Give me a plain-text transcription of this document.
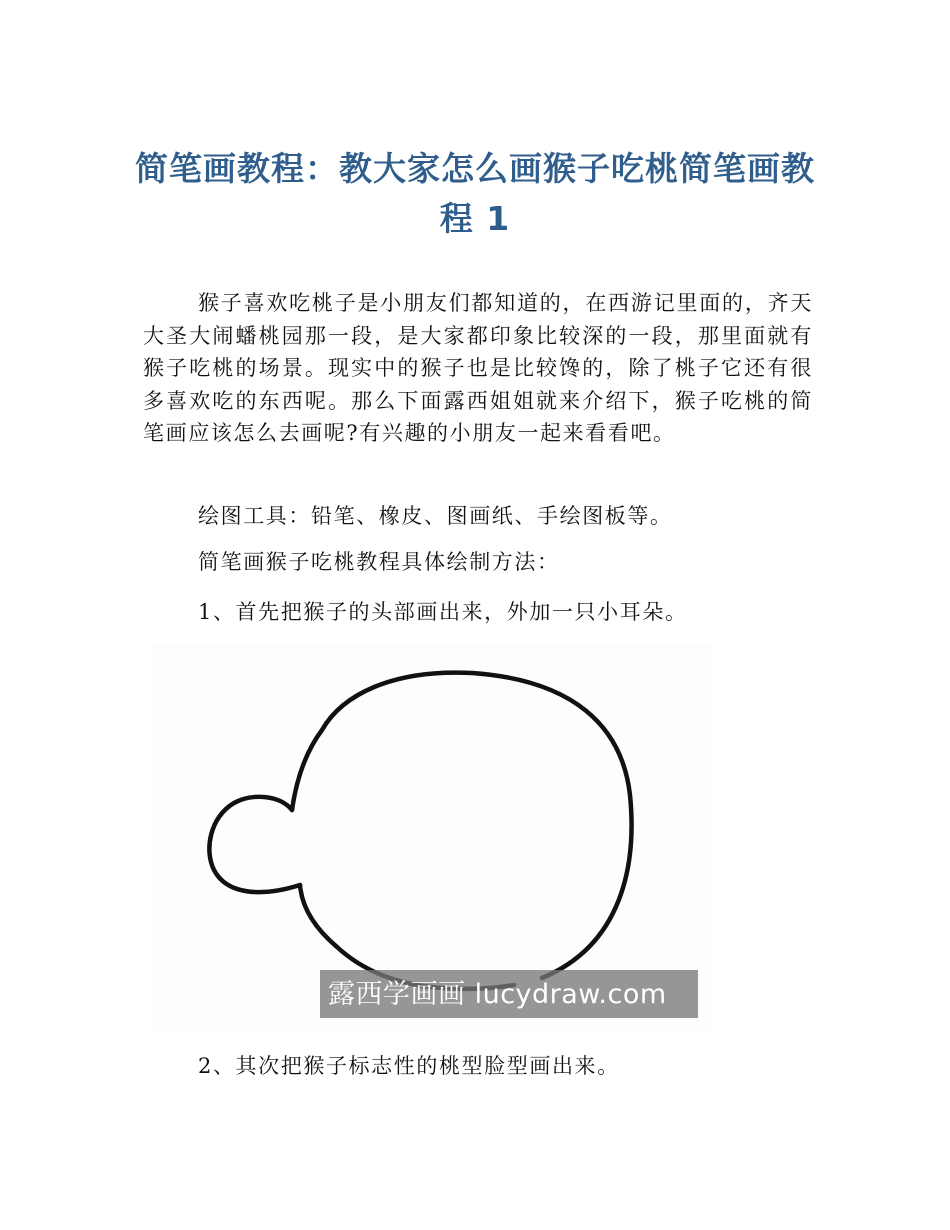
简笔画教程：教大家怎么画猴子吃桃简笔画教程 1

猴子喜欢吃桃子是小朋友们都知道的，在西游记里面的，齐天大圣大闹蟠桃园那一段，是大家都印象比较深的一段，那里面就有猴子吃桃的场景。现实中的猴子也是比较馋的，除了桃子它还有很多喜欢吃的东西呢。那么下面露西姐姐就来介绍下，猴子吃桃的简笔画应该怎么去画呢?有兴趣的小朋友一起来看看吧。

绘图工具：铅笔、橡皮、图画纸、手绘图板等。

简笔画猴子吃桃教程具体绘制方法：

1、首先把猴子的头部画出来，外加一只小耳朵。

露西学画画 lucydraw.com

2、其次把猴子标志性的桃型脸型画出来。
